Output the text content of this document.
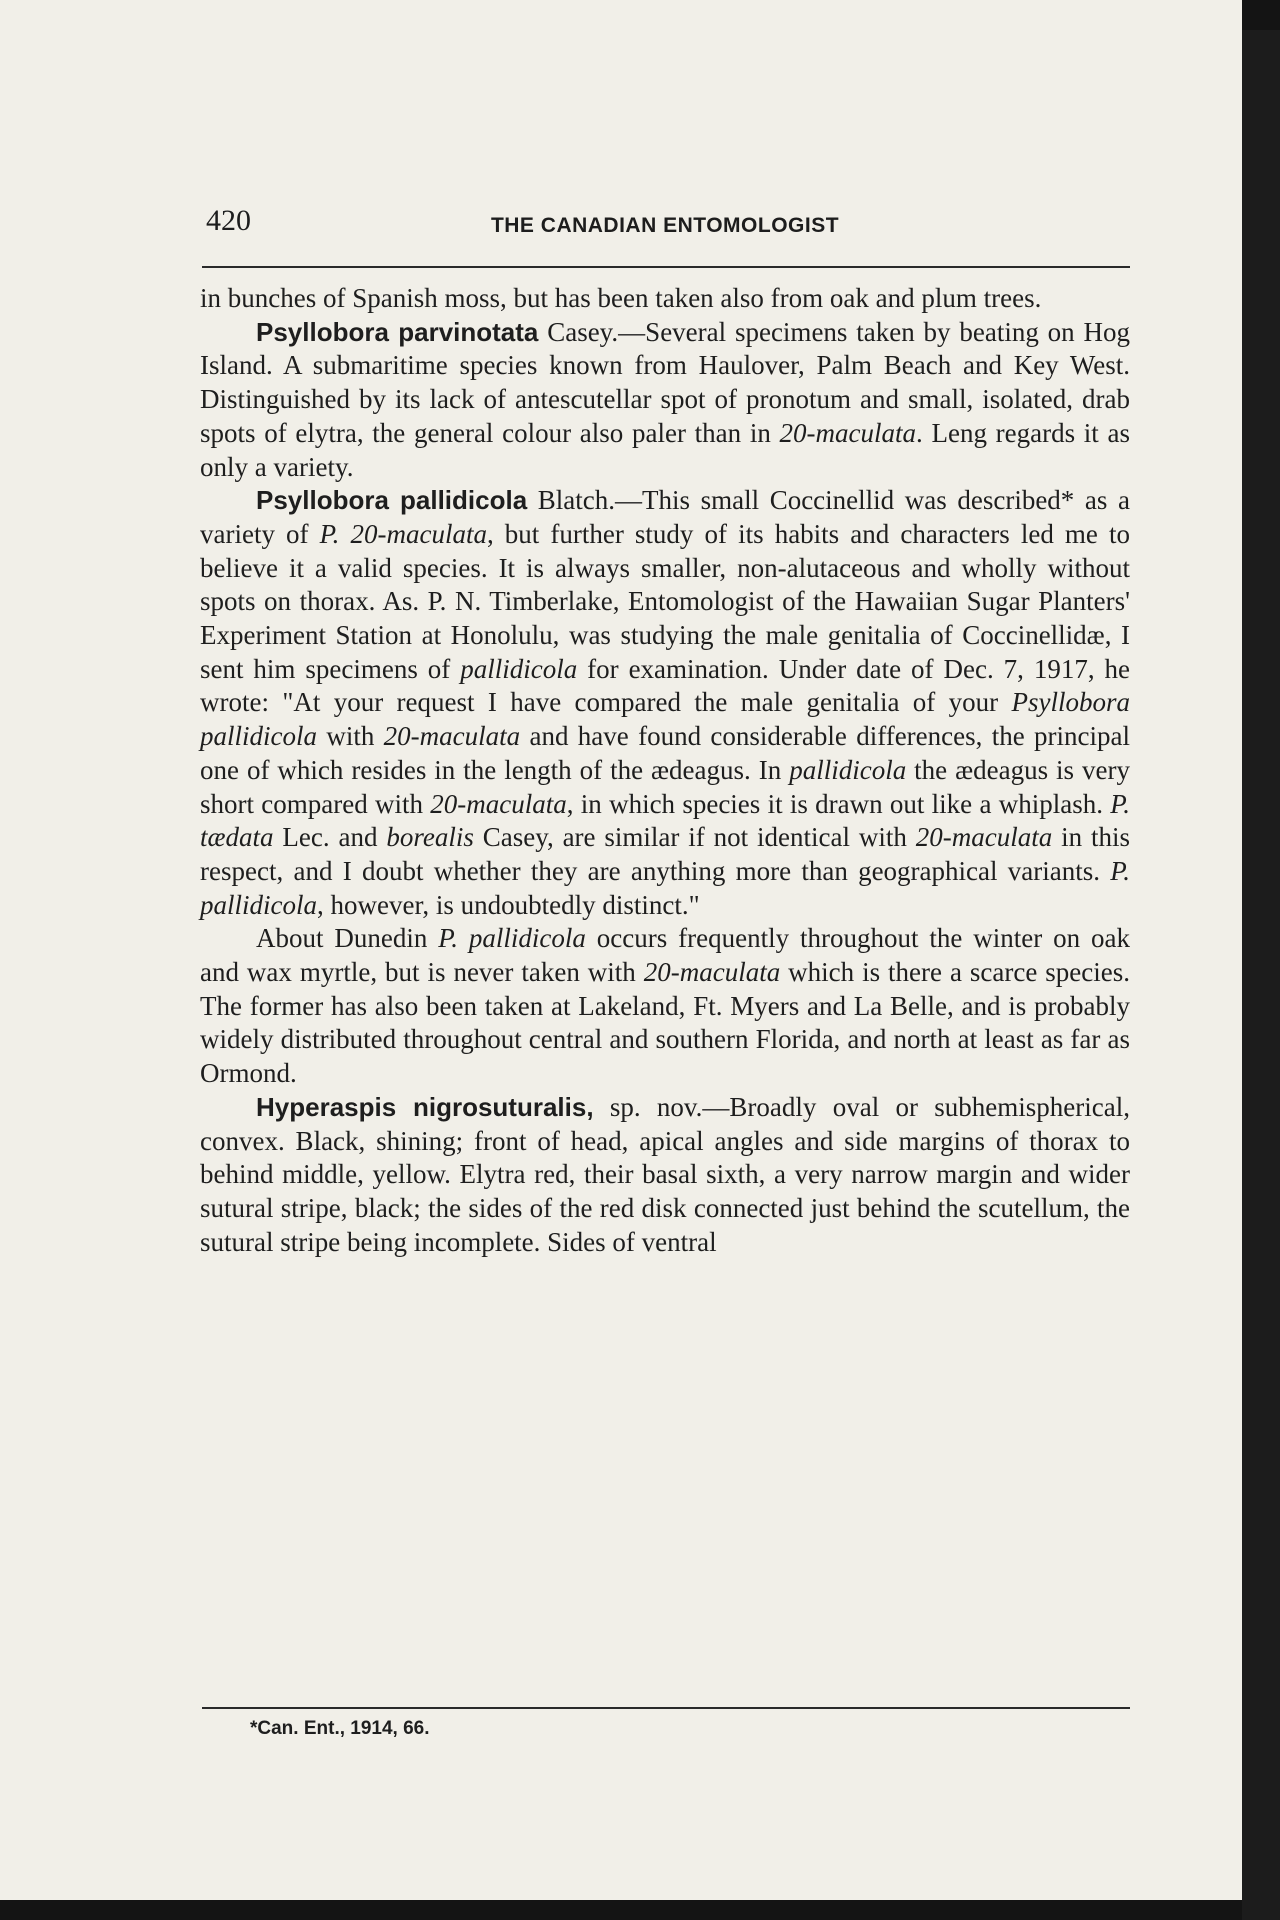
420	THE CANADIAN ENTOMOLOGIST

in bunches of Spanish moss, but has been taken also from oak and plum trees.

Psyllobora parvinotata Casey.—Several specimens taken by beating on Hog Island. A submaritime species known from Haulover, Palm Beach and Key West. Distinguished by its lack of antescutellar spot of pronotum and small, isolated, drab spots of elytra, the general colour also paler than in 20-maculata. Leng regards it as only a variety.

Psyllobora pallidicola Blatch.—This small Coccinellid was described* as a variety of P. 20-maculata, but further study of its habits and characters led me to believe it a valid species. It is always smaller, non-alutaceous and wholly without spots on thorax. As. P. N. Timberlake, Entomologist of the Hawaiian Sugar Planters' Experiment Station at Honolulu, was studying the male genitalia of Coccinellidæ, I sent him specimens of pallidicola for examination. Under date of Dec. 7, 1917, he wrote: "At your request I have compared the male genitalia of your Psyllobora pallidicola with 20-maculata and have found considerable differences, the principal one of which resides in the length of the ædeagus. In pallidicola the ædeagus is very short compared with 20-maculata, in which species it is drawn out like a whiplash. P. tædata Lec. and borealis Casey, are similar if not identical with 20-maculata in this respect, and I doubt whether they are anything more than geographical variants. P. pallidicola, however, is undoubtedly distinct."

About Dunedin P. pallidicola occurs frequently throughout the winter on oak and wax myrtle, but is never taken with 20-maculata which is there a scarce species. The former has also been taken at Lakeland, Ft. Myers and La Belle, and is probably widely distributed throughout central and southern Florida, and north at least as far as Ormond.

Hyperaspis nigrosuturalis, sp. nov.—Broadly oval or subhemispherical, convex. Black, shining; front of head, apical angles and side margins of thorax to behind middle, yellow. Elytra red, their basal sixth, a very narrow margin and wider sutural stripe, black; the sides of the red disk connected just behind the scutellum, the sutural stripe being incomplete. Sides of ventral

*Can. Ent., 1914, 66.
